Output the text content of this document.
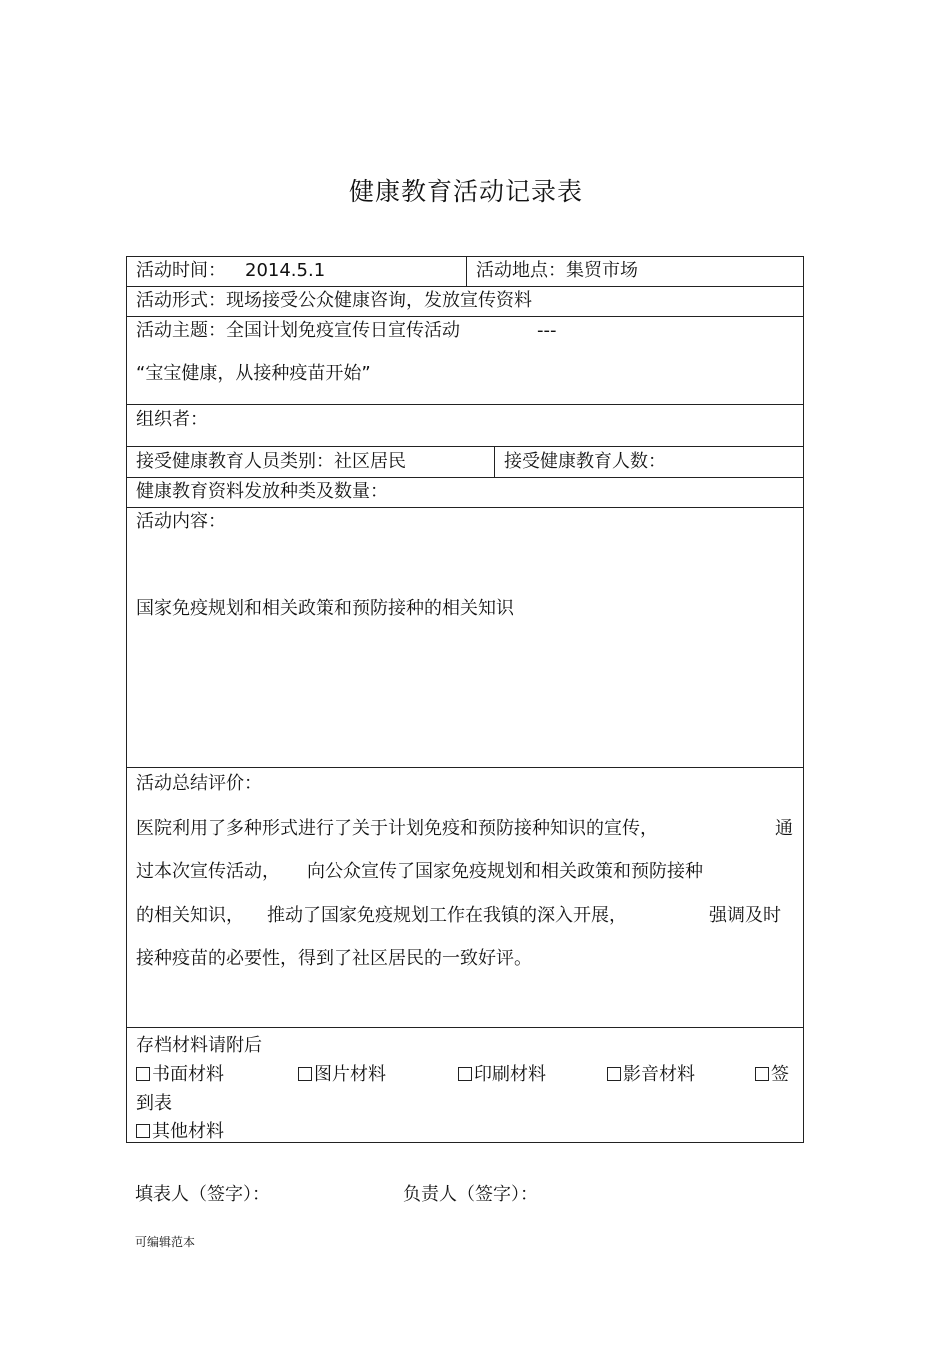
健康教育活动记录表
活动时间： 2014.5.1	活动地点：集贸市场
活动形式：现场接受公众健康咨询，发放宣传资料
活动主题：全国计划免疫宣传日宣传活动	---
“宝宝健康，从接种疫苗开始”
组织者：
接受健康教育人员类别：社区居民	接受健康教育人数：
健康教育资料发放种类及数量：
活动内容：
国家免疫规划和相关政策和预防接种的相关知识
活动总结评价：
医院利用了多种形式进行了关于计划免疫和预防接种知识的宣传，	通
过本次宣传活动， 向公众宣传了国家免疫规划和相关政策和预防接种
的相关知识， 推动了国家免疫规划工作在我镇的深入开展，	强调及时
接种疫苗的必要性，得到了社区居民的一致好评。
存档材料请附后
书面材料	图片材料	印刷材料	影音材料	签
到表
其他材料
填表人（签字）：	负责人（签字）：
可编辑范本
